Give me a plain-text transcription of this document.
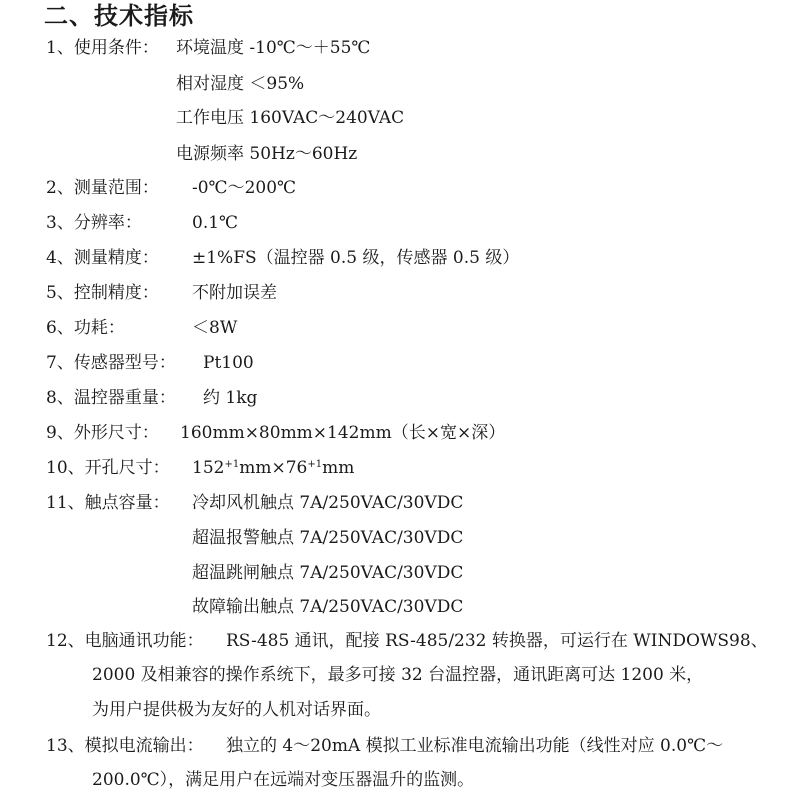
二、技术指标
1、使用条件： 环境温度 -10℃～＋55℃
相对湿度 ＜95%
工作电压 160VAC～240VAC
电源频率 50Hz～60Hz
2、测量范围： -0℃～200℃
3、分辨率：	0.1℃
4、测量精度： ±1%FS（温控器 0.5 级，传感器 0.5 级）
5、控制精度： 不附加误差
6、功耗：	＜8W
7、传感器型号： Pt100
8、温控器重量： 约 1kg
9、外形尺寸： 160mm×80mm×142mm（长×宽×深）
10、开孔尺寸： $152^{+1}mm\times 76^{+1}mm$
11、触点容量： 冷却风机触点 7A/250VAC/30VDC
超温报警触点 7A/250VAC/30VDC
超温跳闸触点 7A/250VAC/30VDC
故障输出触点 7A/250VAC/30VDC
12、电脑通讯功能： RS-485 通讯，配接 RS-485/232 转换器，可运行在 WINDOWS98、
2000 及相兼容的操作系统下，最多可接 32 台温控器，通讯距离可达 1200 米，
为用户提供极为友好的人机对话界面。
13、模拟电流输出： 独立的 4～20mA 模拟工业标准电流输出功能（线性对应 0.0℃～
200.0℃），满足用户在远端对变压器温升的监测。
